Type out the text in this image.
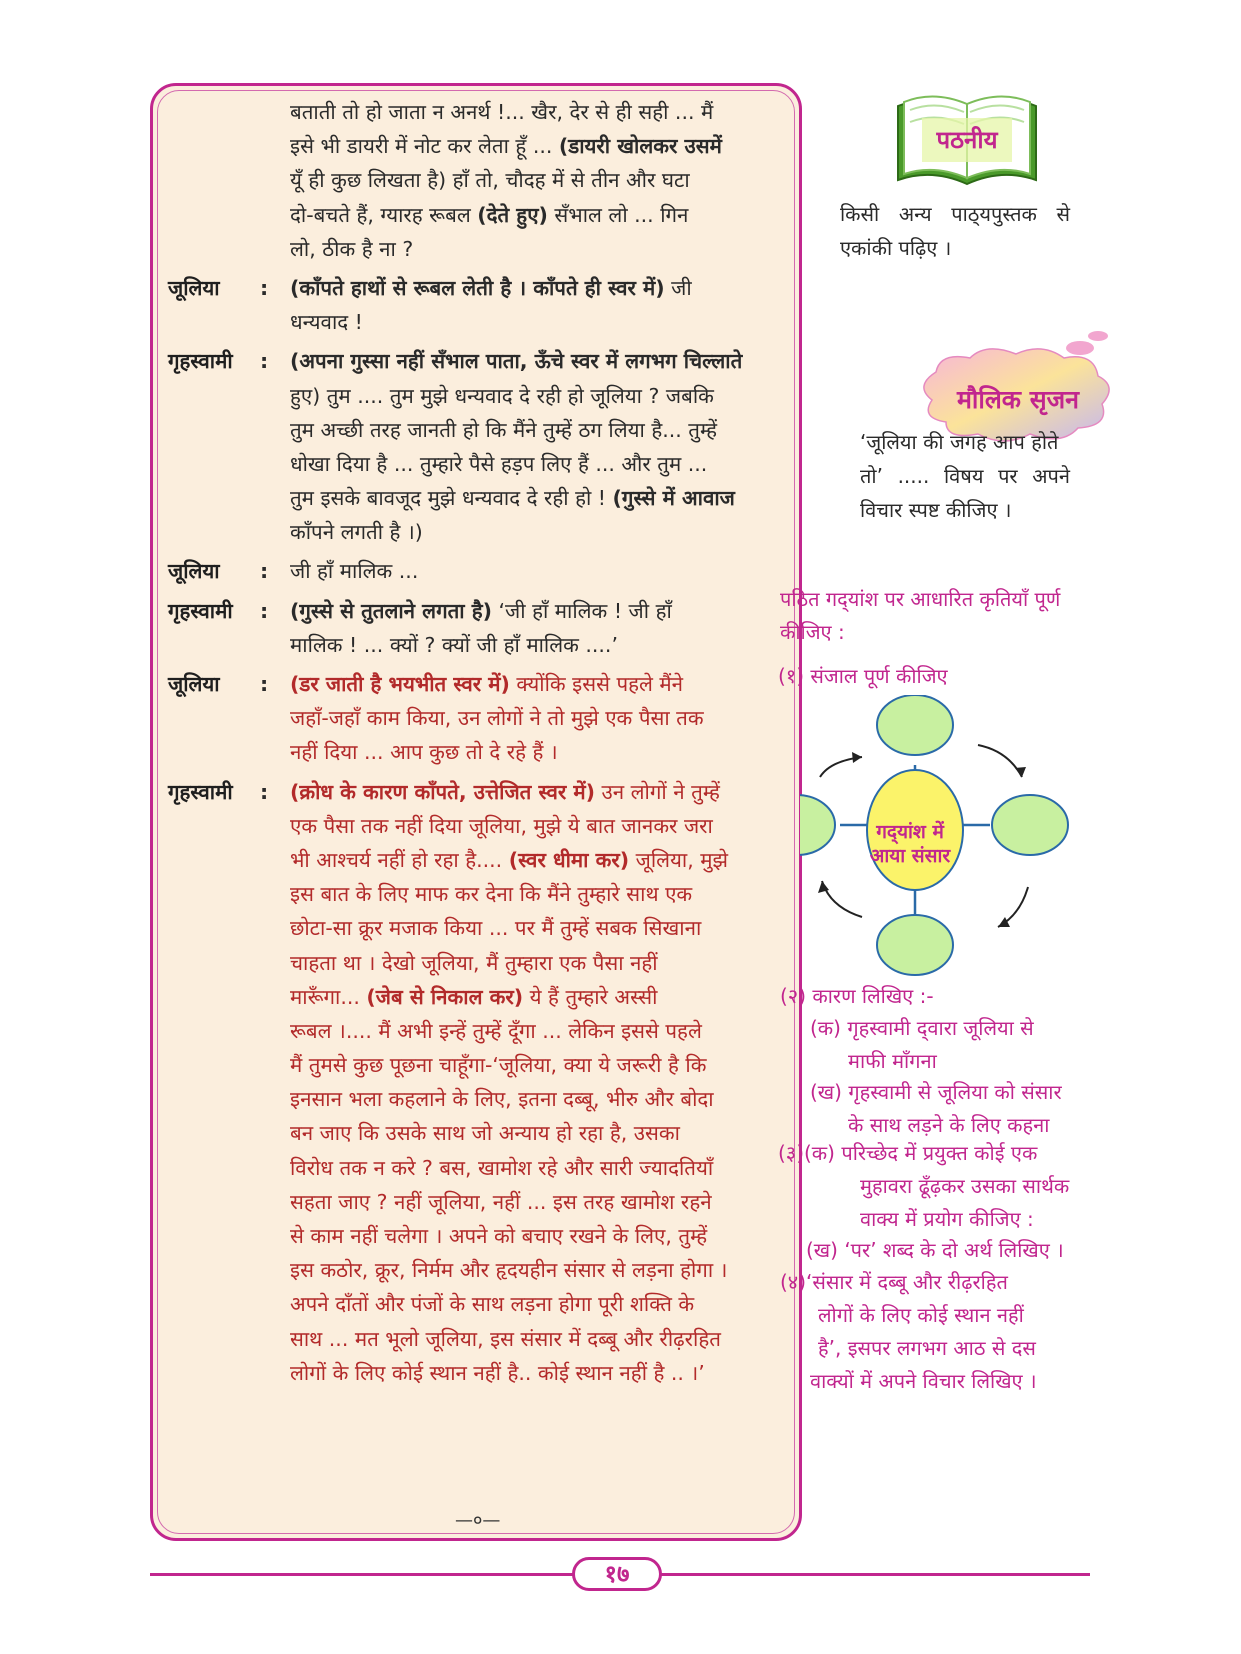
बताती तो हो जाता न अनर्थ !... खैर, देर से ही सही ... मैं
इसे भी डायरी में नोट कर लेता हूँ ... (डायरी खोलकर उसमें
यूँ ही कुछ लिखता है) हाँ तो, चौदह में से तीन और घटा
दो-बचते हैं, ग्यारह रूबल (देते हुए) सँभाल लो ... गिन
लो, ठीक है ना ?
जूलिया : (काँपते हाथों से रूबल लेती है । काँपते ही स्वर में) जी
धन्यवाद !
गृहस्वामी : (अपना गुस्सा नहीं सँभाल पाता, ऊँचे स्वर में लगभग चिल्लाते
हुए) तुम .... तुम मुझे धन्यवाद दे रही हो जूलिया ? जबकि
तुम अच्छी तरह जानती हो कि मैंने तुम्हें ठग लिया है... तुम्हें
धोखा दिया है ... तुम्हारे पैसे हड़प लिए हैं ... और तुम ...
तुम इसके बावजूद मुझे धन्यवाद दे रही हो ! (गुस्से में आवाज
काँपने लगती है ।)
जूलिया : जी हाँ मालिक ...
गृहस्वामी : (गुस्से से तुतलाने लगता है) ‘जी हाँ मालिक ! जी हाँ
मालिक ! ... क्यों ? क्यों जी हाँ मालिक ....’
जूलिया : (डर जाती है भयभीत स्वर में) क्योंकि इससे पहले मैंने
जहाँ-जहाँ काम किया, उन लोगों ने तो मुझे एक पैसा तक
नहीं दिया ... आप कुछ तो दे रहे हैं ।
गृहस्वामी : (क्रोध के कारण काँपते, उत्तेजित स्वर में) उन लोगों ने तुम्हें
एक पैसा तक नहीं दिया जूलिया, मुझे ये बात जानकर जरा
भी आश्चर्य नहीं हो रहा है.... (स्वर धीमा कर) जूलिया, मुझे
इस बात के लिए माफ कर देना कि मैंने तुम्हारे साथ एक
छोटा-सा क्रूर मजाक किया ... पर मैं तुम्हें सबक सिखाना
चाहता था । देखो जूलिया, मैं तुम्हारा एक पैसा नहीं
मारूँगा... (जेब से निकाल कर) ये हैं तुम्हारे अस्सी
रूबल ।.... मैं अभी इन्हें तुम्हें दूँगा ... लेकिन इससे पहले
मैं तुमसे कुछ पूछना चाहूँगा-‘जूलिया, क्या ये जरूरी है कि
इनसान भला कहलाने के लिए, इतना दब्बू, भीरु और बोदा
बन जाए कि उसके साथ जो अन्याय हो रहा है, उसका
विरोध तक न करे ? बस, खामोश रहे और सारी ज्यादतियाँ
सहता जाए ? नहीं जूलिया, नहीं ... इस तरह खामोश रहने
से काम नहीं चलेगा । अपने को बचाए रखने के लिए, तुम्हें
इस कठोर, क्रूर, निर्मम और हृदयहीन संसार से लड़ना होगा ।
अपने दाँतों और पंजों के साथ लड़ना होगा पूरी शक्ति के
साथ ... मत भूलो जूलिया, इस संसार में दब्बू और रीढ़रहित
लोगों के लिए कोई स्थान नहीं है.. कोई स्थान नहीं है .. ।’
—०—
पठनीय
किसी अन्य पाठ्‌यपुस्तक से
एकांकी पढ़िए ।
मौलिक सृजन
‘जूलिया की जगह आप होते
तो’ ..... विषय पर अपने
विचार स्पष्ट कीजिए ।
पठित गद्‌यांश पर आधारित कृतियाँ पूर्ण
कीजिए :
(१) संजाल पूर्ण कीजिए
गद्‌यांश में
आया संसार
(२) कारण लिखिए :-
(क) गृहस्वामी द्‌वारा जूलिया से
माफी माँगना
(ख) गृहस्वामी से जूलिया को संसार
के साथ लड़ने के लिए कहना
(३)(क) परिच्छेद में प्रयुक्त कोई एक
मुहावरा ढूँढ़कर उसका सार्थक
वाक्य में प्रयोग कीजिए :
(ख) ‘पर’ शब्द के दो अर्थ लिखिए ।
(४)‘संसार में दब्बू और रीढ़रहित
लोगों के लिए कोई स्थान नहीं
है’, इसपर लगभग आठ से दस
वाक्यों में अपने विचार लिखिए ।
१७
